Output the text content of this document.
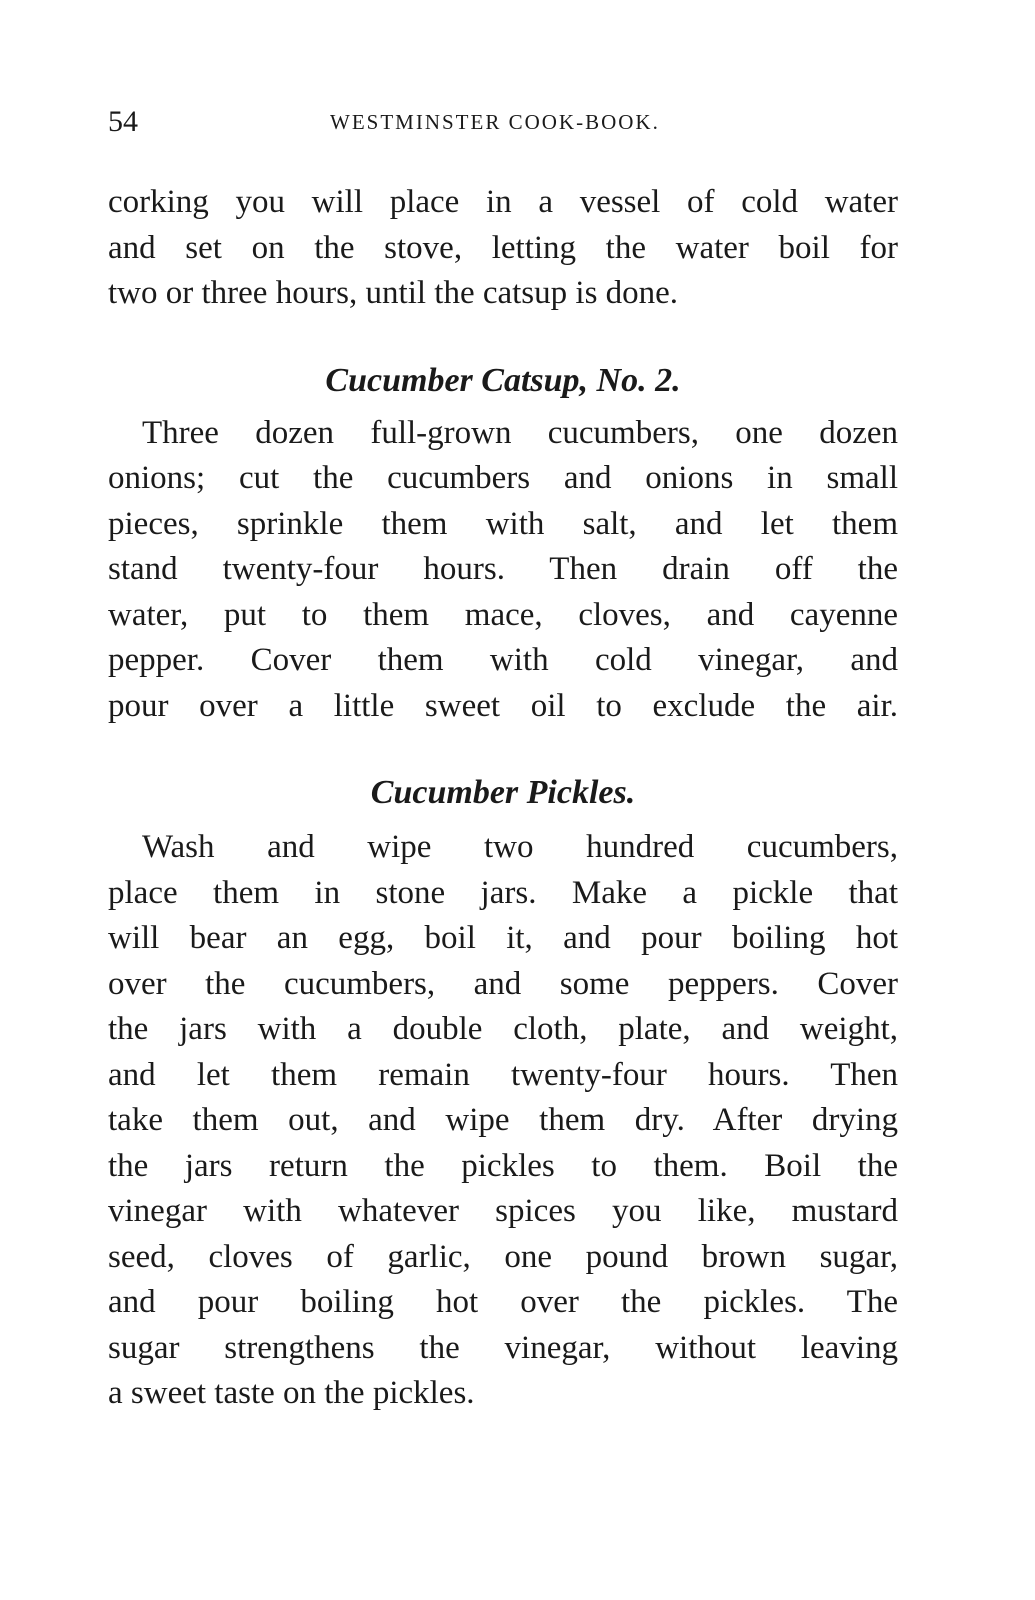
54	WESTMINSTER COOK-BOOK.

corking you will place in a vessel of cold water
and set on the stove, letting the water boil for
two or three hours, until the catsup is done.

Cucumber Catsup, No. 2.

Three dozen full-grown cucumbers, one dozen
onions; cut the cucumbers and onions in small
pieces, sprinkle them with salt, and let them
stand twenty-four hours. Then drain off the
water, put to them mace, cloves, and cayenne
pepper. Cover them with cold vinegar, and
pour over a little sweet oil to exclude the air.

Cucumber Pickles.

Wash and wipe two hundred cucumbers,
place them in stone jars. Make a pickle that
will bear an egg, boil it, and pour boiling hot
over the cucumbers, and some peppers. Cover
the jars with a double cloth, plate, and weight,
and let them remain twenty-four hours. Then
take them out, and wipe them dry. After drying
the jars return the pickles to them. Boil the
vinegar with whatever spices you like, mustard
seed, cloves of garlic, one pound brown sugar,
and pour boiling hot over the pickles. The
sugar strengthens the vinegar, without leaving
a sweet taste on the pickles.
